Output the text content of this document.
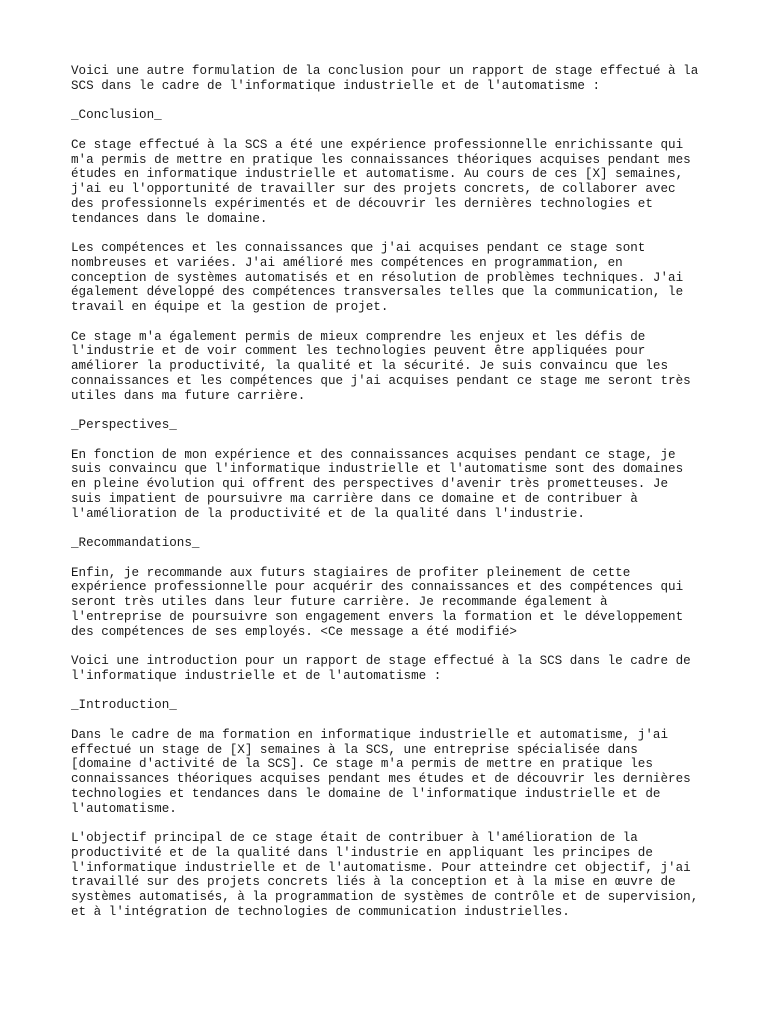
Voici une autre formulation de la conclusion pour un rapport de stage effectué à la
SCS dans le cadre de l'informatique industrielle et de l'automatisme :
_Conclusion_
Ce stage effectué à la SCS a été une expérience professionnelle enrichissante qui
m'a permis de mettre en pratique les connaissances théoriques acquises pendant mes
études en informatique industrielle et automatisme. Au cours de ces [X] semaines,
j'ai eu l'opportunité de travailler sur des projets concrets, de collaborer avec
des professionnels expérimentés et de découvrir les dernières technologies et
tendances dans le domaine.
Les compétences et les connaissances que j'ai acquises pendant ce stage sont
nombreuses et variées. J'ai amélioré mes compétences en programmation, en
conception de systèmes automatisés et en résolution de problèmes techniques. J'ai
également développé des compétences transversales telles que la communication, le
travail en équipe et la gestion de projet.
Ce stage m'a également permis de mieux comprendre les enjeux et les défis de
l'industrie et de voir comment les technologies peuvent être appliquées pour
améliorer la productivité, la qualité et la sécurité. Je suis convaincu que les
connaissances et les compétences que j'ai acquises pendant ce stage me seront très
utiles dans ma future carrière.
_Perspectives_
En fonction de mon expérience et des connaissances acquises pendant ce stage, je
suis convaincu que l'informatique industrielle et l'automatisme sont des domaines
en pleine évolution qui offrent des perspectives d'avenir très prometteuses. Je
suis impatient de poursuivre ma carrière dans ce domaine et de contribuer à
l'amélioration de la productivité et de la qualité dans l'industrie.
_Recommandations_
Enfin, je recommande aux futurs stagiaires de profiter pleinement de cette
expérience professionnelle pour acquérir des connaissances et des compétences qui
seront très utiles dans leur future carrière. Je recommande également à
l'entreprise de poursuivre son engagement envers la formation et le développement
des compétences de ses employés. <Ce message a été modifié>
Voici une introduction pour un rapport de stage effectué à la SCS dans le cadre de
l'informatique industrielle et de l'automatisme :
_Introduction_
Dans le cadre de ma formation en informatique industrielle et automatisme, j'ai
effectué un stage de [X] semaines à la SCS, une entreprise spécialisée dans
[domaine d'activité de la SCS]. Ce stage m'a permis de mettre en pratique les
connaissances théoriques acquises pendant mes études et de découvrir les dernières
technologies et tendances dans le domaine de l'informatique industrielle et de
l'automatisme.
L'objectif principal de ce stage était de contribuer à l'amélioration de la
productivité et de la qualité dans l'industrie en appliquant les principes de
l'informatique industrielle et de l'automatisme. Pour atteindre cet objectif, j'ai
travaillé sur des projets concrets liés à la conception et à la mise en œuvre de
systèmes automatisés, à la programmation de systèmes de contrôle et de supervision,
et à l'intégration de technologies de communication industrielles.
